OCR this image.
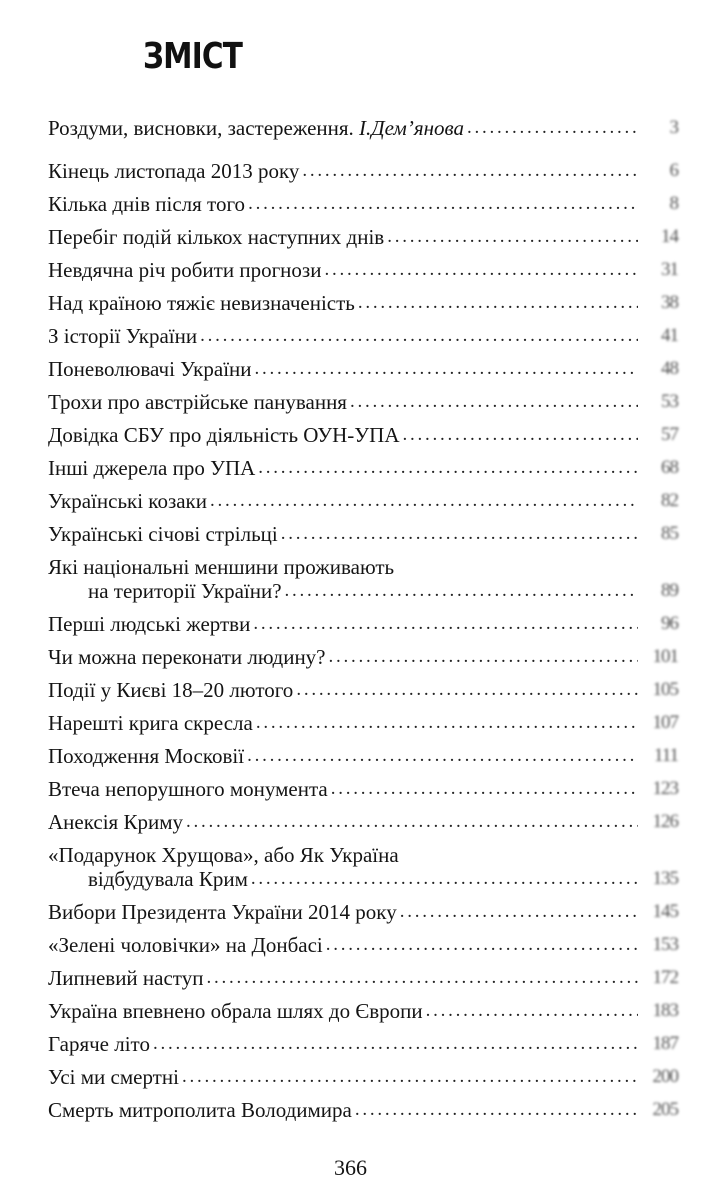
ЗМІСТ
Роздуми, висновки, застереження. І.Дем’янова . . .	3
Кінець листопада 2013 року . . .	6
Кілька днів після того . . .	8
Перебіг подій кількох наступних днів . . .	14
Невдячна річ робити прогнози . . .	31
Над країною тяжіє невизначеність . . .	38
З історії України . . .	41
Поневолювачі України . . .	48
Трохи про австрійське панування . . .	53
Довідка СБУ про діяльність ОУН-УПА . . .	57
Інші джерела про УПА . . .	68
Українські козаки . . .	82
Українські січові стрільці . . .	85
Які національні меншини проживають
на території України? . . .	89
Перші людські жертви . . .	96
Чи можна переконати людину? . . .	101
Події у Києві 18–20 лютого . . .	105
Нарешті крига скресла . . .	107
Походження Московії . . .	111
Втеча непорушного монумента . . .	123
Анексія Криму . . .	126
«Подарунок Хрущова», або Як Україна
відбудувала Крим . . .	135
Вибори Президента України 2014 року . . .	145
«Зелені чоловічки» на Донбасі . . .	153
Липневий наступ . . .	172
Україна впевнено обрала шлях до Європи . . .	183
Гаряче літо . . .	187
Усі ми смертні . . .	200
Смерть митрополита Володимира . . .	205

366
